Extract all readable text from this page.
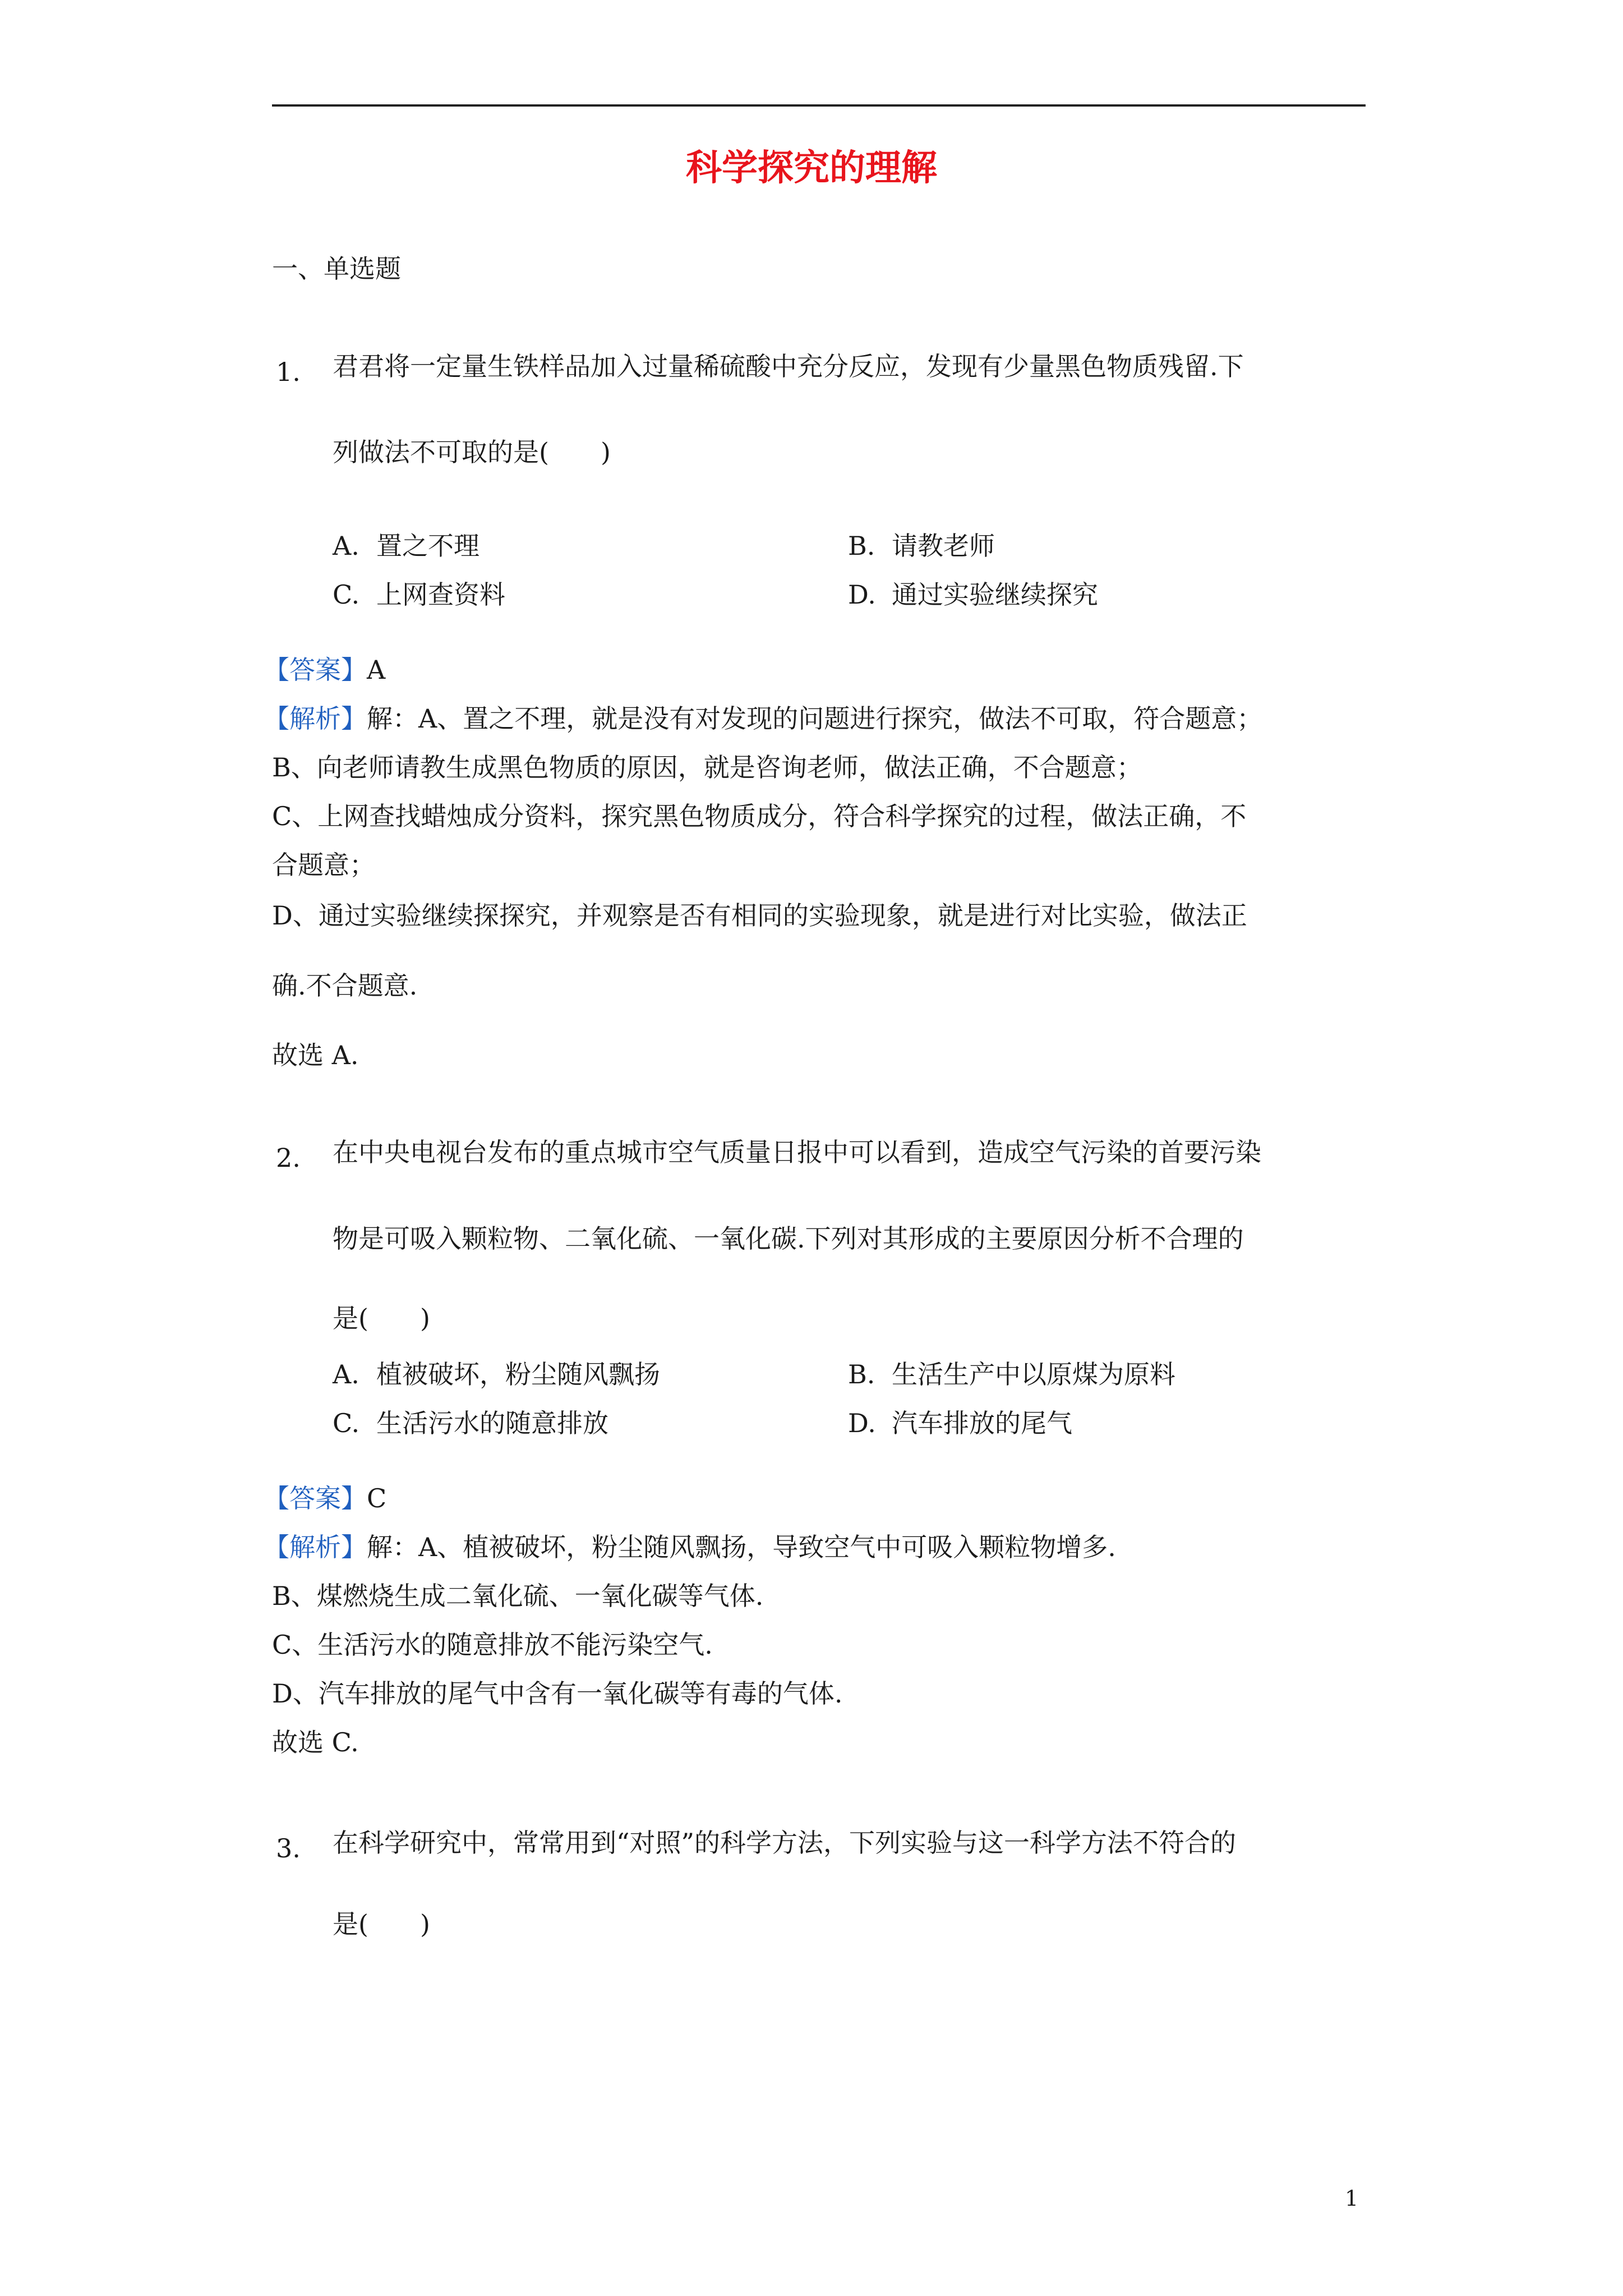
科学探究的理解
一、单选题
1. 君君将一定量生铁样品加入过量稀硫酸中充分反应，发现有少量黑色物质残留.下
列做法不可取的是(　　)
A. 置之不理	B. 请教老师
C. 上网查资料	D. 通过实验继续探究
【答案】A
【解析】解：A、置之不理，就是没有对发现的问题进行探究，做法不可取，符合题意；
B、向老师请教生成黑色物质的原因，就是咨询老师，做法正确，不合题意；
C、上网查找蜡烛成分资料，探究黑色物质成分，符合科学探究的过程，做法正确，不
合题意；
D、通过实验继续探探究，并观察是否有相同的实验现象，就是进行对比实验，做法正
确.不合题意.
故选 A.
2. 在中央电视台发布的重点城市空气质量日报中可以看到，造成空气污染的首要污染
物是可吸入颗粒物、二氧化硫、一氧化碳.下列对其形成的主要原因分析不合理的
是(　　)
A. 植被破坏，粉尘随风飘扬	B. 生活生产中以原煤为原料
C. 生活污水的随意排放	D. 汽车排放的尾气
【答案】C
【解析】解：A、植被破坏，粉尘随风飘扬，导致空气中可吸入颗粒物增多.
B、煤燃烧生成二氧化硫、一氧化碳等气体.
C、生活污水的随意排放不能污染空气.
D、汽车排放的尾气中含有一氧化碳等有毒的气体.
故选 C.
3. 在科学研究中，常常用到“对照”的科学方法，下列实验与这一科学方法不符合的
是(　　)
1
